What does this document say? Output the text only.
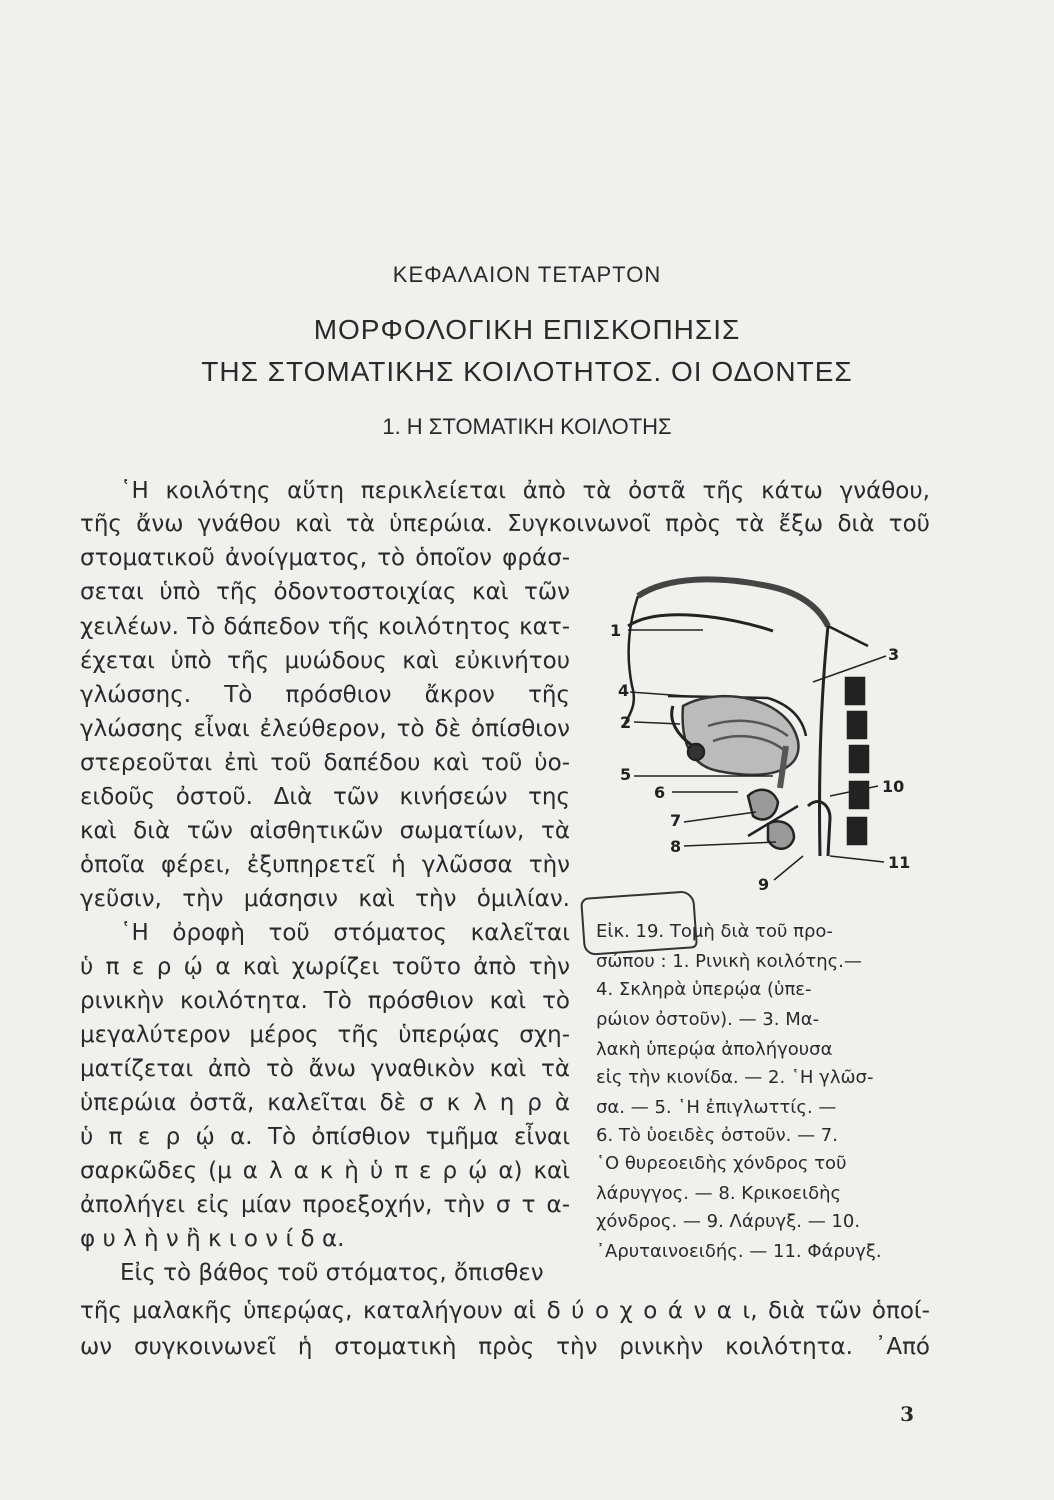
ΚΕΦΑΛΑΙΟΝ ΤΕΤΑΡΤΟΝ
ΜΟΡΦΟΛΟΓΙΚΗ ΕΠΙΣΚΟΠΗΣΙΣ
ΤΗΣ ΣΤΟΜΑΤΙΚΗΣ ΚΟΙΛΟΤΗΤΟΣ. ΟΙ ΟΔΟΝΤΕΣ
1. Η ΣΤΟΜΑΤΙΚΗ ΚΟΙΛΟΤΗΣ
῾Η κοιλότης αὕτη περικλείεται ἀπὸ τὰ ὀστᾶ τῆς κάτω γνάθου,
τῆς ἄνω γνάθου καὶ τὰ ὑπερώια. Συγκοινωνοῖ πρὸς τὰ ἔξω διὰ τοῦ
στοματικοῦ ἀνοίγματος, τὸ ὁποῖον φράσ-
σεται ὑπὸ τῆς ὀδοντοστοιχίας καὶ τῶν
χειλέων. Τὸ δάπεδον τῆς κοιλότητος κατ-
έχεται ὑπὸ τῆς μυώδους καὶ εὐκινήτου
γλώσσης. Τὸ πρόσθιον ἄκρον τῆς
γλώσσης εἶναι ἐλεύθερον, τὸ δὲ ὀπίσθιον
στερεοῦται ἐπὶ τοῦ δαπέδου καὶ τοῦ ὑο-
ειδοῦς ὀστοῦ. Διὰ τῶν κινήσεών της
καὶ διὰ τῶν αἰσθητικῶν σωματίων, τὰ
ὁποῖα φέρει, ἐξυπηρετεῖ ἡ γλῶσσα τὴν
γεῦσιν, τὴν μάσησιν καὶ τὴν ὁμιλίαν.
῾Η ὀροφὴ τοῦ στόματος καλεῖται
ὑ π ε ρ ῴ α καὶ χωρίζει τοῦτο ἀπὸ τὴν
ρινικὴν κοιλότητα. Τὸ πρόσθιον καὶ τὸ
μεγαλύτερον μέρος τῆς ὑπερῴας σχη-
ματίζεται ἀπὸ τὸ ἄνω γναθικὸν καὶ τὰ
ὑπερώια ὀστᾶ, καλεῖται δὲ σ κ λ η ρ ὰ
ὑ π ε ρ ῴ α. Τὸ ὀπίσθιον τμῆμα εἶναι
σαρκῶδες (μ α λ α κ ὴ ὑ π ε ρ ῴ α) καὶ
ἀπολήγει εἰς μίαν προεξοχήν, τὴν σ τ α-
φ υ λ ὴ ν ἢ κ ι ο ν ί δ α.
Εἰς τὸ βάθος τοῦ στόματος, ὄπισθεν
τῆς μαλακῆς ὑπερῴας, καταλήγουν αἱ δ ύ ο χ ο ά ν α ι, διὰ τῶν ὁποί-
ων συγκοινωνεῖ ἡ στοματικὴ πρὸς τὴν ρινικὴν κοιλότητα. ᾿Από
1
3
4
2
5
6	10
7
8
11
9
Εἰκ. 19. Τομὴ διὰ τοῦ προ-
σώπου : 1. Ρινικὴ κοιλότης.—
4. Σκληρὰ ὑπερῴα (ὑπε-
ρώιον ὀστοῦν). — 3. Μα-
λακὴ ὑπερῴα ἀπολήγουσα
εἰς τὴν κιονίδα. — 2. ῾Η γλῶσ-
σα. — 5. ῾Η ἐπιγλωττίς. —
6. Τὸ ὑοειδὲς ὀστοῦν. — 7.
῾Ο θυρεοειδὴς χόνδρος τοῦ
λάρυγγος. — 8. Κρικοειδὴς
χόνδρος. — 9. Λάρυγξ. — 10.
᾿Αρυταινοειδής. — 11. Φάρυγξ.
3
